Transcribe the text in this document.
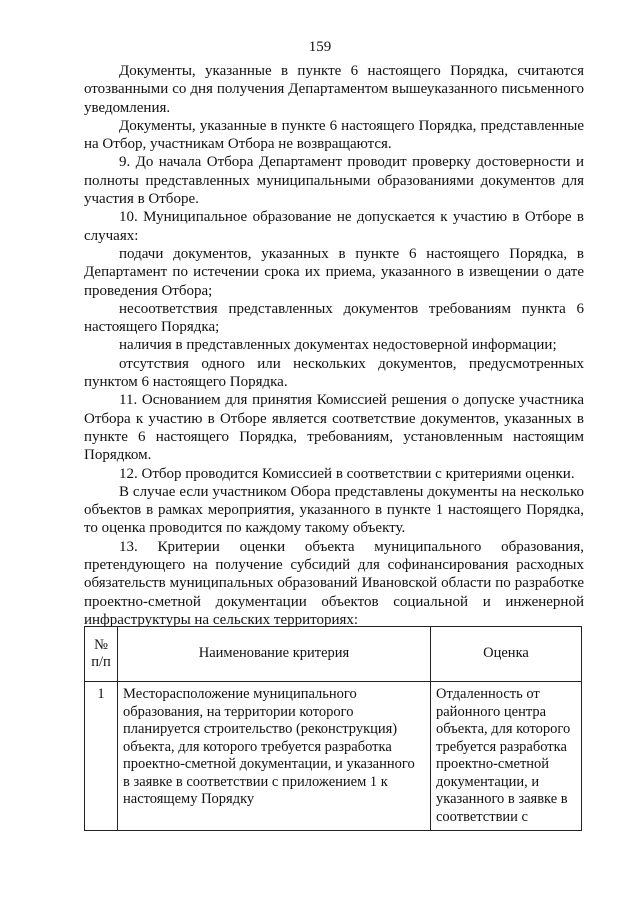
159

Документы, указанные в пункте 6 настоящего Порядка, считаются отозванными со дня получения Департаментом вышеуказанного письменного уведомления.

Документы, указанные в пункте 6 настоящего Порядка, представленные на Отбор, участникам Отбора не возвращаются.

9. До начала Отбора Департамент проводит проверку достоверности и полноты представленных муниципальными образованиями документов для участия в Отборе.

10. Муниципальное образование не допускается к участию в Отборе в случаях:

подачи документов, указанных в пункте 6 настоящего Порядка, в Департамент по истечении срока их приема, указанного в извещении о дате проведения Отбора;

несоответствия представленных документов требованиям пункта 6 настоящего Порядка;

наличия в представленных документах недостоверной информации;

отсутствия одного или нескольких документов, предусмотренных пунктом 6 настоящего Порядка.

11. Основанием для принятия Комиссией решения о допуске участника Отбора к участию в Отборе является соответствие документов, указанных в пункте 6 настоящего Порядка, требованиям, установленным настоящим Порядком.

12. Отбор проводится Комиссией в соответствии с критериями оценки.

В случае если участником Обора представлены документы на несколько объектов в рамках мероприятия, указанного в пункте 1 настоящего Порядка, то оценка проводится по каждому такому объекту.

13. Критерии оценки объекта муниципального образования, претендующего на получение субсидий для софинансирования расходных обязательств муниципальных образований Ивановской области по разработке проектно-сметной документации объектов социальной и инженерной инфраструктуры на сельских территориях:

№ п/п	Наименование критерия	Оценка
1	Месторасположение муниципального образования, на территории которого планируется строительство (реконструкция) объекта, для которого требуется разработка проектно-сметной документации, и указанного в заявке в соответствии с приложением 1 к настоящему Порядку	Отдаленность от районного центра объекта, для которого требуется разработка проектно-сметной документации, и указанного в заявке в соответствии с
